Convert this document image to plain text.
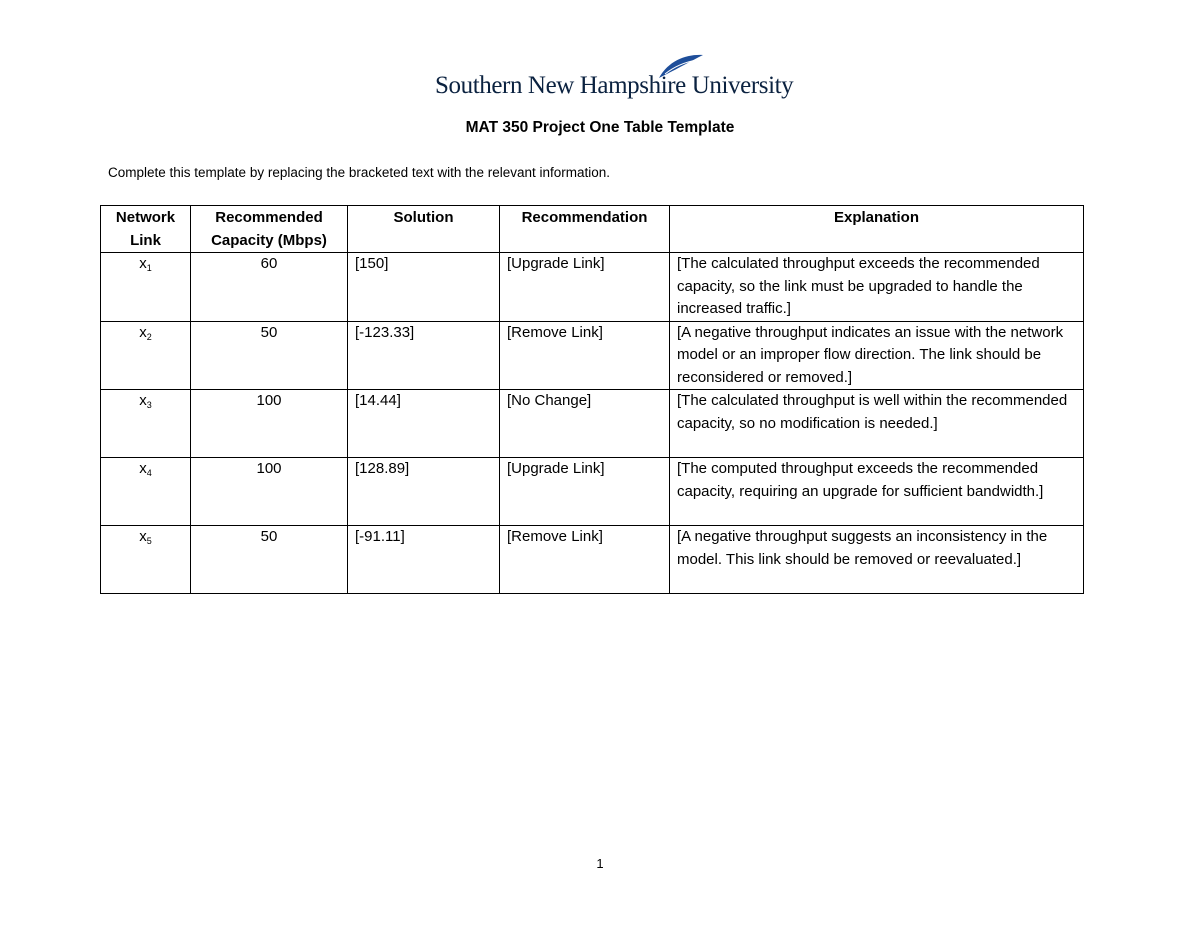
Southern New Hampshire University
MAT 350 Project One Table Template
Complete this template by replacing the bracketed text with the relevant information.
Network Link	Recommended Capacity (Mbps)	Solution	Recommendation	Explanation
$x_1$	60	[150]	[Upgrade Link]	[The calculated throughput exceeds the recommended capacity, so the link must be upgraded to handle the increased traffic.]
$x_2$	50	[-123.33]	[Remove Link]	[A negative throughput indicates an issue with the network model or an improper flow direction. The link should be reconsidered or removed.]
$x_3$	100	[14.44]	[No Change]	[The calculated throughput is well within the recommended capacity, so no modification is needed.]
$x_4$	100	[128.89]	[Upgrade Link]	[The computed throughput exceeds the recommended capacity, requiring an upgrade for sufficient bandwidth.]
$x_5$	50	[-91.11]	[Remove Link]	[A negative throughput suggests an inconsistency in the model. This link should be removed or reevaluated.]
1
